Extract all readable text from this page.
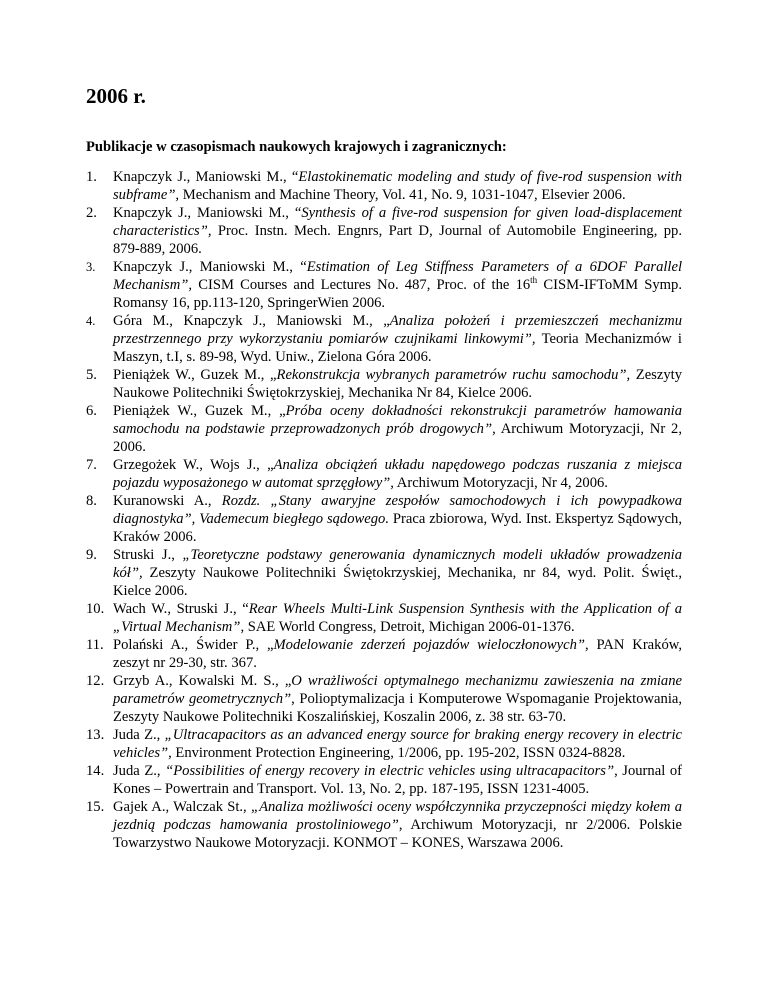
2006 r.
Publikacje w czasopismach naukowych krajowych i zagranicznych:
1. Knapczyk J., Maniowski M., “Elastokinematic modeling and study of five-rod suspension with subframe”, Mechanism and Machine Theory, Vol. 41, No. 9, 1031-1047, Elsevier 2006.
2. Knapczyk J., Maniowski M., “Synthesis of a five-rod suspension for given load-displacement characteristics”, Proc. Instn. Mech. Engnrs, Part D, Journal of Automobile Engineering, pp. 879-889, 2006.
3. Knapczyk J., Maniowski M., “Estimation of Leg Stiffness Parameters of a 6DOF Parallel Mechanism”, CISM Courses and Lectures No. 487, Proc. of the 16th CISM-IFToMM Symp. Romansy 16, pp.113-120, SpringerWien 2006.
4. Góra M., Knapczyk J., Maniowski M., „Analiza położeń i przemieszczeń mechanizmu przestrzennego przy wykorzystaniu pomiarów czujnikami linkowymi”, Teoria Mechanizmów i Maszyn, t.I, s. 89-98, Wyd. Uniw., Zielona Góra 2006.
5. Pieniążek W., Guzek M., „Rekonstrukcja wybranych parametrów ruchu samochodu”, Zeszyty Naukowe Politechniki Świętokrzyskiej, Mechanika Nr 84, Kielce 2006.
6. Pieniążek W., Guzek M., „Próba oceny dokładności rekonstrukcji parametrów hamowania samochodu na podstawie przeprowadzonych prób drogowych”, Archiwum Motoryzacji, Nr 2, 2006.
7. Grzegożek W., Wojs J., „Analiza obciążeń układu napędowego podczas ruszania z miejsca pojazdu wyposażonego w automat sprzęgłowy”, Archiwum Motoryzacji, Nr 4, 2006.
8. Kuranowski A., Rozdz. „Stany awaryjne zespołów samochodowych i ich powypadkowa diagnostyka”, Vademecum biegłego sądowego. Praca zbiorowa, Wyd. Inst. Ekspertyz Sądowych, Kraków 2006.
9. Struski J., „Teoretyczne podstawy generowania dynamicznych modeli układów prowadzenia kół”, Zeszyty Naukowe Politechniki Świętokrzyskiej, Mechanika, nr 84, wyd. Polit. Święt., Kielce 2006.
10. Wach W., Struski J., “Rear Wheels Multi-Link Suspension Synthesis with the Application of a „Virtual Mechanism”, SAE World Congress, Detroit, Michigan 2006-01-1376.
11. Polański A., Świder P., „Modelowanie zderzeń pojazdów wieloczłonowych”, PAN Kraków, zeszyt nr 29-30, str. 367.
12. Grzyb A., Kowalski M. S., „O wrażliwości optymalnego mechanizmu zawieszenia na zmiane parametrów geometrycznych”, Polioptymalizacja i Komputerowe Wspomaganie Projektowania, Zeszyty Naukowe Politechniki Koszalińskiej, Koszalin 2006, z. 38 str. 63-70.
13. Juda Z., „Ultracapacitors as an advanced energy source for braking energy recovery in electric vehicles”, Environment Protection Engineering, 1/2006, pp. 195-202, ISSN 0324-8828.
14. Juda Z., “Possibilities of energy recovery in electric vehicles using ultracapacitors”, Journal of Kones – Powertrain and Transport. Vol. 13, No. 2, pp. 187-195, ISSN 1231-4005.
15. Gajek A., Walczak St., „Analiza możliwości oceny współczynnika przyczepności między kołem a jezdnią podczas hamowania prostoliniowego”, Archiwum Motoryzacji, nr 2/2006. Polskie Towarzystwo Naukowe Motoryzacji. KONMOT – KONES, Warszawa 2006.
